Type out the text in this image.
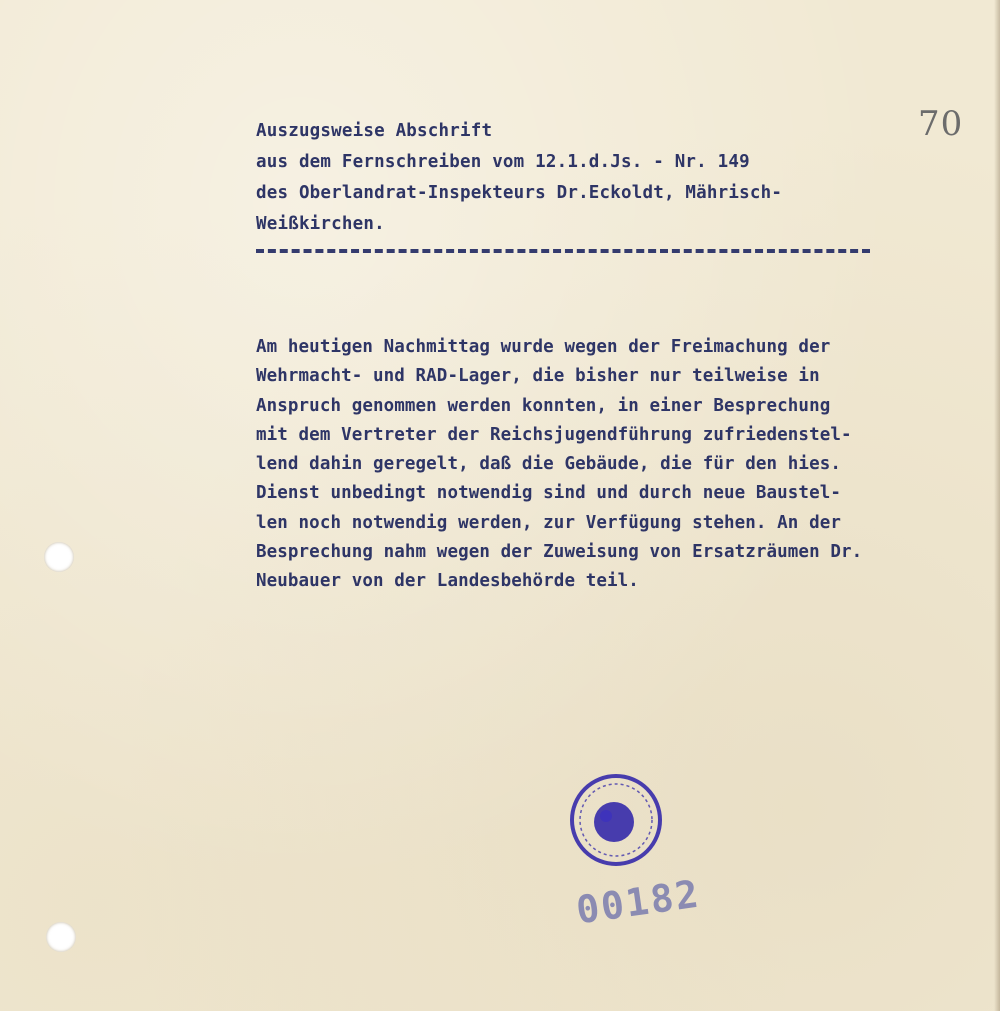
Auszugsweise Abschrift
aus dem Fernschreiben vom 12.1.d.Js. - Nr. 149
des Oberlandrat-Inspekteurs Dr.Eckoldt, Mährisch-
Weißkirchen.
70
Am heutigen Nachmittag wurde wegen der Freimachung der
Wehrmacht- und RAD-Lager, die bisher nur teilweise in
Anspruch genommen werden konnten, in einer Besprechung
mit dem Vertreter der Reichsjugendführung zufriedenstel-
lend dahin geregelt, daß die Gebäude, die für den hies.
Dienst unbedingt notwendig sind und durch neue Baustel-
len noch notwendig werden, zur Verfügung stehen. An der
Besprechung nahm wegen der Zuweisung von Ersatzräumen Dr.
Neubauer von der Landesbehörde teil.
00182
